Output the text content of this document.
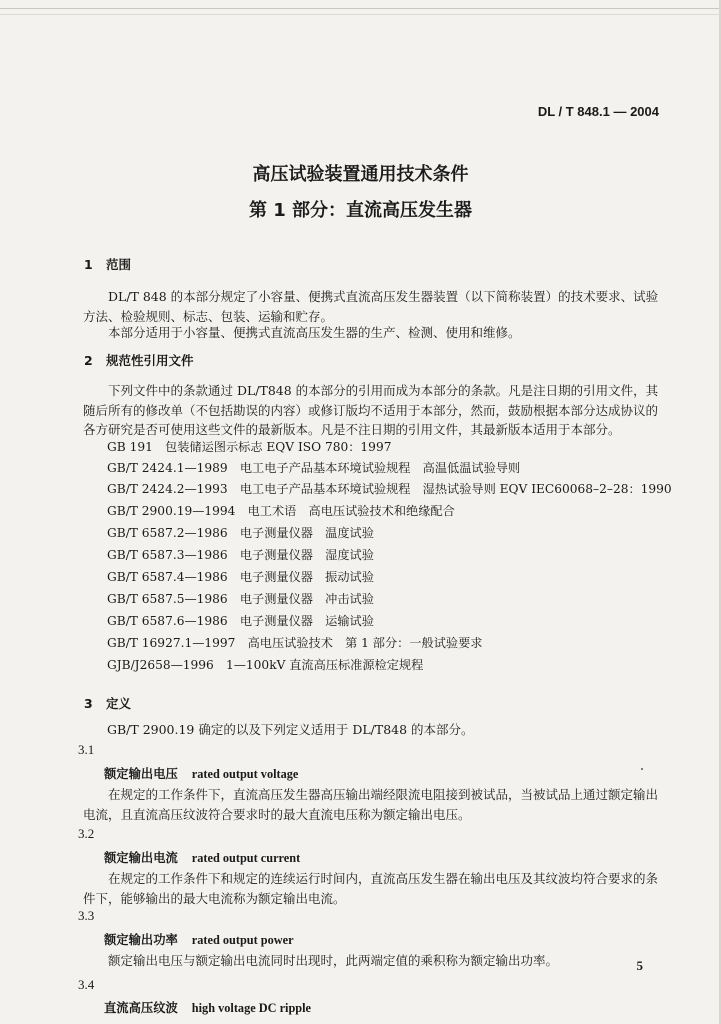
DL / T 848.1 — 2004
高压试验装置通用技术条件
第 1 部分：直流高压发生器
1 范围
DL/T 848 的本部分规定了小容量、便携式直流高压发生器装置（以下简称装置）的技术要求、试验方法、检验规则、标志、包装、运输和贮存。
本部分适用于小容量、便携式直流高压发生器的生产、检测、使用和维修。
2 规范性引用文件
下列文件中的条款通过 DL/T848 的本部分的引用而成为本部分的条款。凡是注日期的引用文件，其随后所有的修改单（不包括勘误的内容）或修订版均不适用于本部分，然而，鼓励根据本部分达成协议的各方研究是否可使用这些文件的最新版本。凡是不注日期的引用文件，其最新版本适用于本部分。
GB 191　 包装储运图示标志 EQV ISO 780：1997
GB/T 2424.1—1989　 电工电子产品基本环境试验规程　高温低温试验导则
GB/T 2424.2—1993　 电工电子产品基本环境试验规程　湿热试验导则 EQV IEC60068–2–28：1990
GB/T 2900.19—1994　 电工术语　高电压试验技术和绝缘配合
GB/T 6587.2—1986　 电子测量仪器　温度试验
GB/T 6587.3—1986　 电子测量仪器　湿度试验
GB/T 6587.4—1986　 电子测量仪器　振动试验
GB/T 6587.5—1986　 电子测量仪器　冲击试验
GB/T 6587.6—1986　 电子测量仪器　运输试验
GB/T 16927.1—1997　 高电压试验技术　第 1 部分：一般试验要求
GJB/J2658—1996　 1—100kV 直流高压标准源检定规程
3 定义
GB/T 2900.19 确定的以及下列定义适用于 DL/T848 的本部分。
3.1
额定输出电压 rated output voltage
在规定的工作条件下，直流高压发生器高压输出端经限流电阻接到被试品，当被试品上通过额定输出电流，且直流高压纹波符合要求时的最大直流电压称为额定输出电压。
3.2
额定输出电流 rated output current
在规定的工作条件下和规定的连续运行时间内，直流高压发生器在输出电压及其纹波均符合要求的条件下，能够输出的最大电流称为额定输出电流。
3.3
额定输出功率 rated output power
额定输出电压与额定输出电流同时出现时，此两端定值的乘积称为额定输出功率。
3.4
直流高压纹波 high voltage DC ripple
5
